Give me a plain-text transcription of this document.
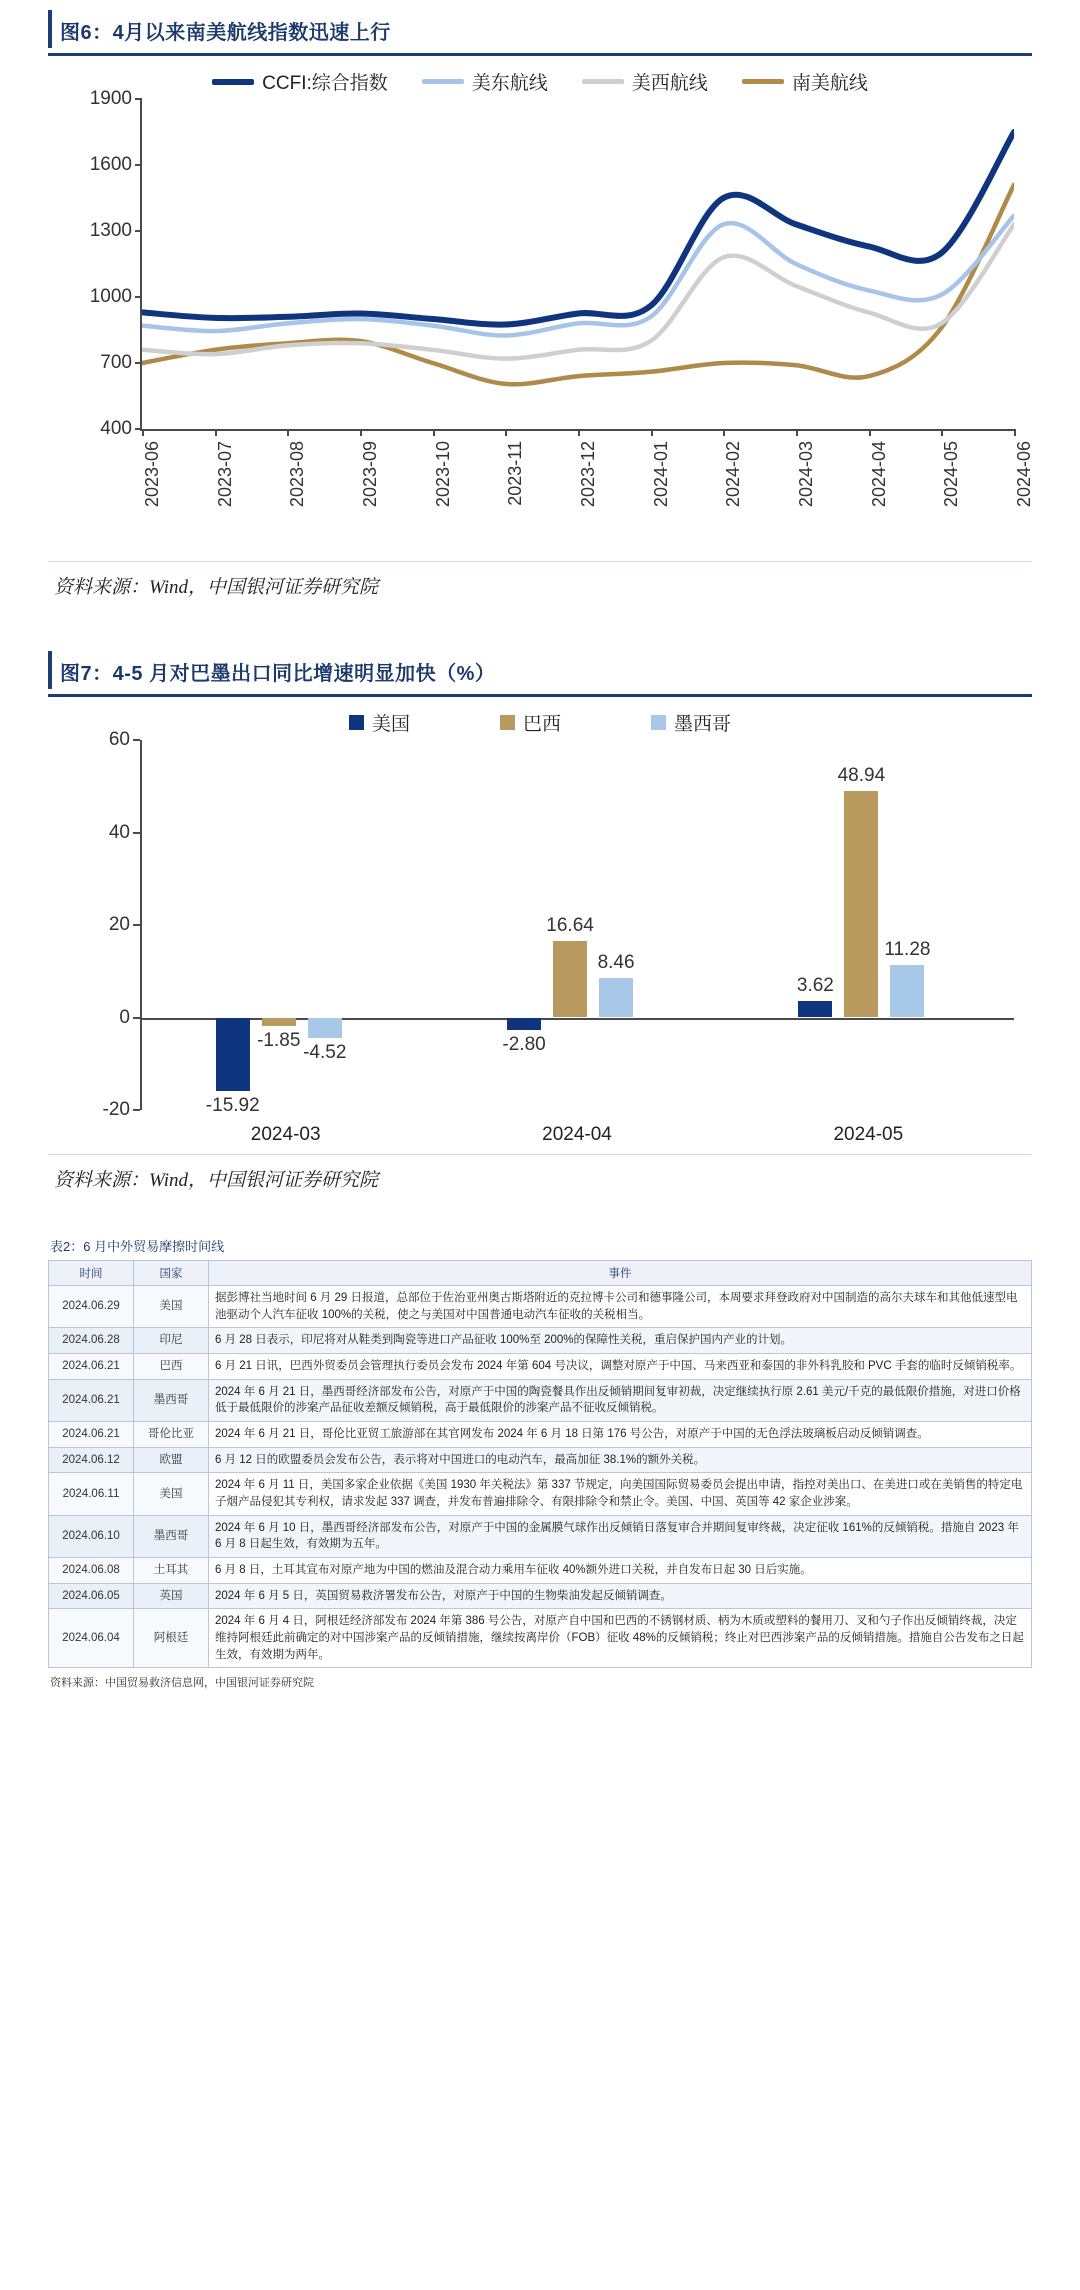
图6：4月以来南美航线指数迅速上行
CCFI:综合指数	美东航线	美西航线	南美航线
400
700
1000
1300
1600
1900
2023-06	2023-07	2023-08	2023-09	2023-10	2023-11	2023-12	2024-01	2024-02	2024-03	2024-04	2024-05	2024-06
资料来源：Wind，中国银河证券研究院
图7：4-5 月对巴墨出口同比增速明显加快（%）
美国	巴西	墨西哥
-20
0
20
40
60
-15.92
-1.85
-4.52
2024-03
-2.80
16.64
8.46
2024-04
3.62
48.94
11.28
2024-05
资料来源：Wind，中国银河证券研究院
表2：6 月中外贸易摩擦时间线
时间	国家	事件
2024.06.29	美国	据彭博社当地时间 6 月 29 日报道，总部位于佐治亚州奥古斯塔附近的克拉博卡公司和德事隆公司，本周要求拜登政府对中国制造的高尔夫球车和其他低速型电池驱动个人汽车征收 100%的关税，使之与美国对中国普通电动汽车征收的关税相当。
2024.06.28	印尼	6 月 28 日表示，印尼将对从鞋类到陶瓷等进口产品征收 100%至 200%的保障性关税，重启保护国内产业的计划。
2024.06.21	巴西	6 月 21 日讯，巴西外贸委员会管理执行委员会发布 2024 年第 604 号决议，调整对原产于中国、马来西亚和泰国的非外科乳胶和 PVC 手套的临时反倾销税率。
2024.06.21	墨西哥	2024 年 6 月 21 日，墨西哥经济部发布公告，对原产于中国的陶瓷餐具作出反倾销期间复审初裁，决定继续执行原 2.61 美元/千克的最低限价措施，对进口价格低于最低限价的涉案产品征收差额反倾销税，高于最低限价的涉案产品不征收反倾销税。
2024.06.21	哥伦比亚	2024 年 6 月 21 日，哥伦比亚贸工旅游部在其官网发布 2024 年 6 月 18 日第 176 号公告，对原产于中国的无色浮法玻璃板启动反倾销调查。
2024.06.12	欧盟	6 月 12 日的欧盟委员会发布公告，表示将对中国进口的电动汽车，最高加征 38.1%的额外关税。
2024.06.11	美国	2024 年 6 月 11 日，美国多家企业依据《美国 1930 年关税法》第 337 节规定，向美国国际贸易委员会提出申请，指控对美出口、在美进口或在美销售的特定电子烟产品侵犯其专利权，请求发起 337 调查，并发布普遍排除令、有限排除令和禁止令。美国、中国、英国等 42 家企业涉案。
2024.06.10	墨西哥	2024 年 6 月 10 日，墨西哥经济部发布公告，对原产于中国的金属膜气球作出反倾销日落复审合并期间复审终裁，决定征收 161%的反倾销税。措施自 2023 年 6 月 8 日起生效，有效期为五年。
2024.06.08	土耳其	6 月 8 日，土耳其宣布对原产地为中国的燃油及混合动力乘用车征收 40%额外进口关税，并自发布日起 30 日后实施。
2024.06.05	英国	2024 年 6 月 5 日，英国贸易救济署发布公告，对原产于中国的生物柴油发起反倾销调查。
2024.06.04	阿根廷	2024 年 6 月 4 日，阿根廷经济部发布 2024 年第 386 号公告，对原产自中国和巴西的不锈钢材质、柄为木质或塑料的餐用刀、叉和勺子作出反倾销终裁，决定维持阿根廷此前确定的对中国涉案产品的反倾销措施，继续按离岸价（FOB）征收 48%的反倾销税；终止对巴西涉案产品的反倾销措施。措施自公告发布之日起生效，有效期为两年。
资料来源：中国贸易救济信息网，中国银河证券研究院
